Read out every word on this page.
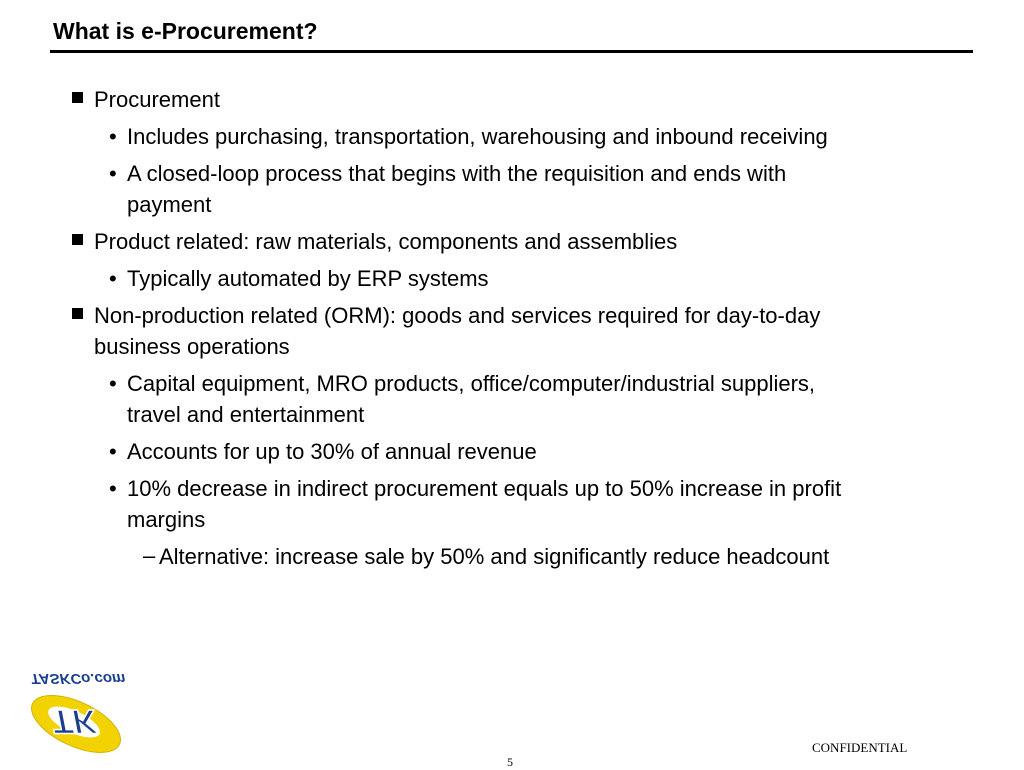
What is e-Procurement?
Procurement
• Includes purchasing, transportation, warehousing and inbound receiving
• A closed-loop process that begins with the requisition and ends with payment
Product related: raw materials, components and assemblies
• Typically automated by ERP systems
Non-production related (ORM): goods and services required for day-to-day business operations
• Capital equipment, MRO products, office/computer/industrial suppliers, travel and entertainment
• Accounts for up to 30% of annual revenue
• 10% decrease in indirect procurement equals up to 50% increase in profit margins
– Alternative: increase sale by 50% and significantly reduce headcount
TASKCo.com
TK
CONFIDENTIAL
5
